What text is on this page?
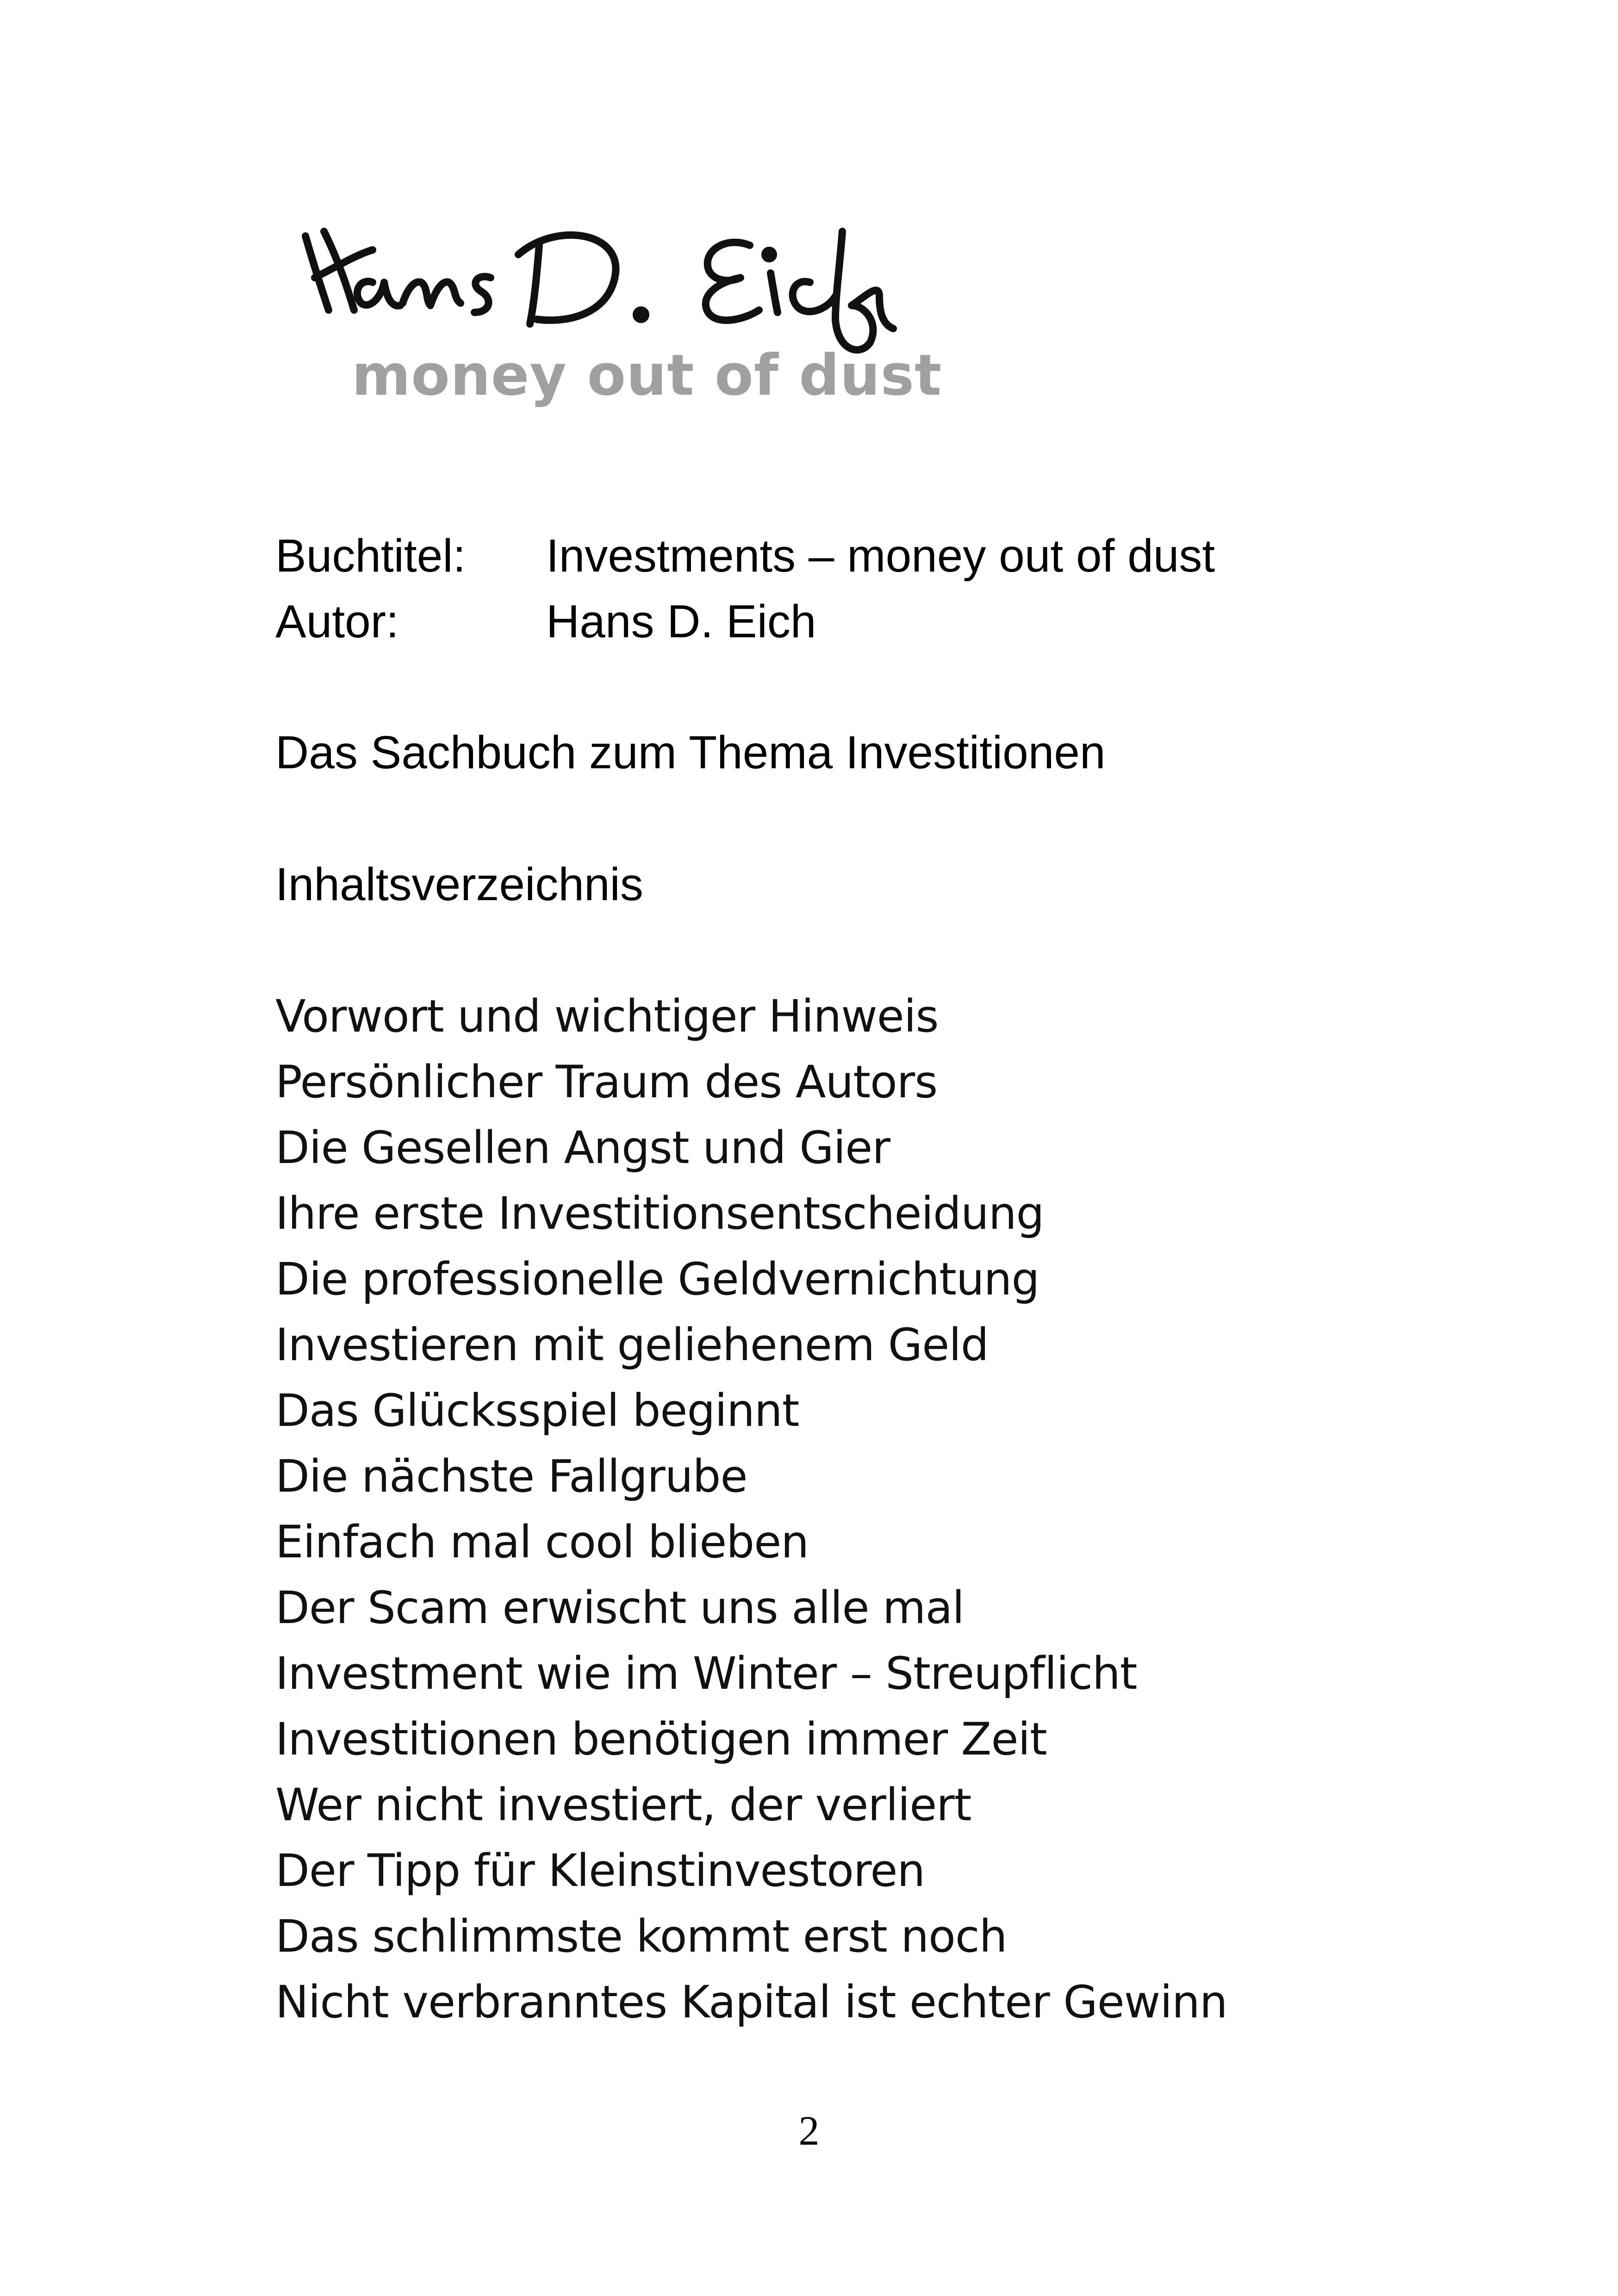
money out of dust
Buchtitel:	Investments – money out of dust
Autor:	Hans D. Eich
Das Sachbuch zum Thema Investitionen
Inhaltsverzeichnis
Vorwort und wichtiger Hinweis
Persönlicher Traum des Autors
Die Gesellen Angst und Gier
Ihre erste Investitionsentscheidung
Die professionelle Geldvernichtung
Investieren mit geliehenem Geld
Das Glücksspiel beginnt
Die nächste Fallgrube
Einfach mal cool blieben
Der Scam erwischt uns alle mal
Investment wie im Winter – Streupflicht
Investitionen benötigen immer Zeit
Wer nicht investiert, der verliert
Der Tipp für Kleinstinvestoren
Das schlimmste kommt erst noch
Nicht verbranntes Kapital ist echter Gewinn
2
